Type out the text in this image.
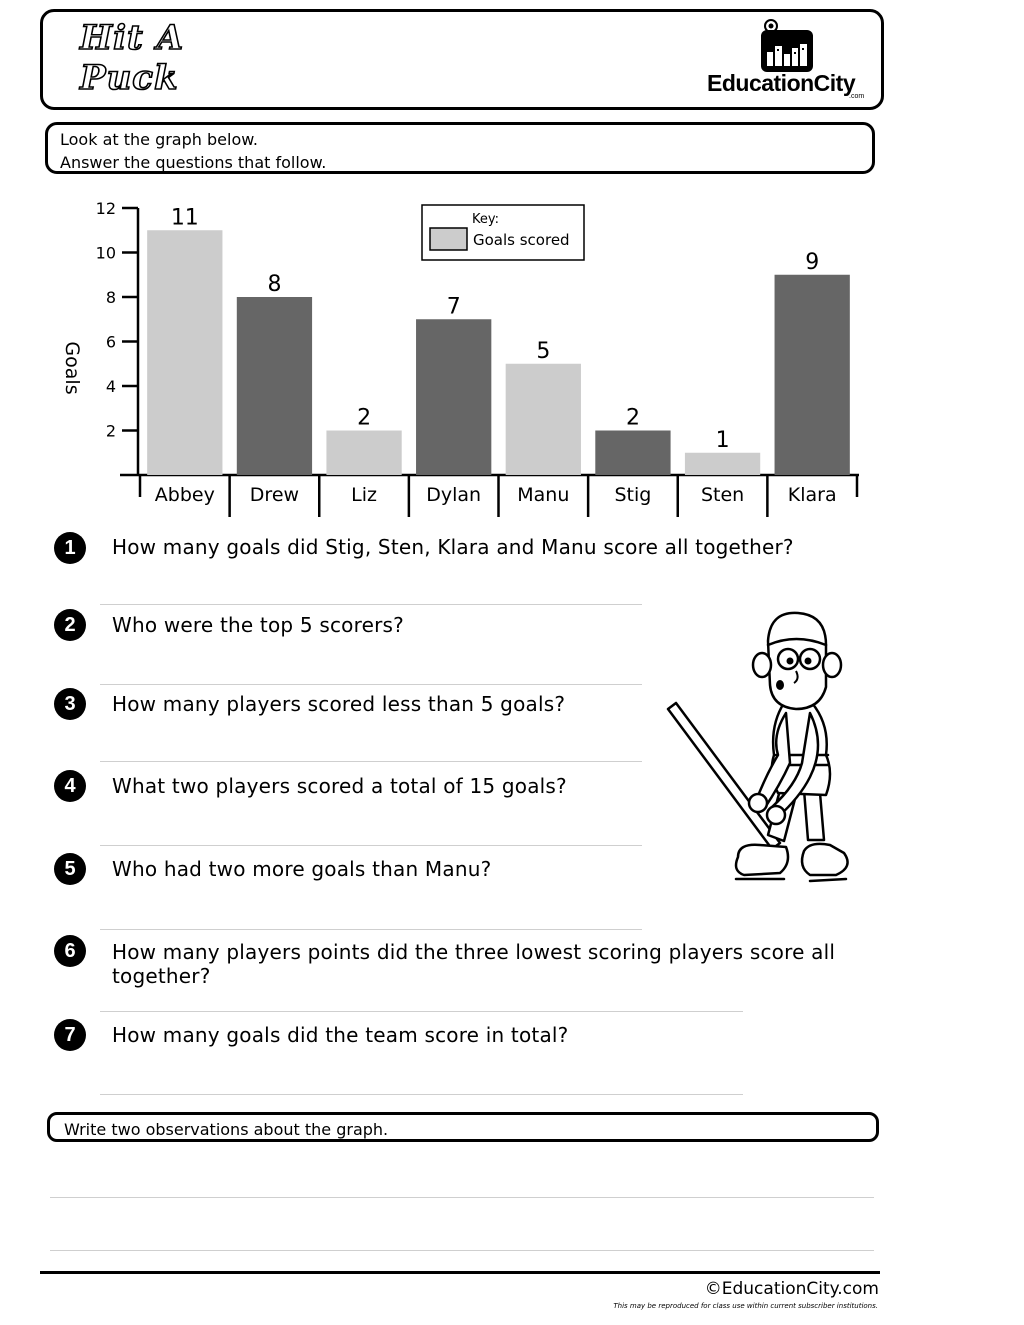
Hit A
Puck	EducationCity
.com
Look at the graph below.
Answer the questions that follow.
Goals
Key:
Goals scored
2
4
6
8
10
12 11
Abbey
8
Drew
2
Liz
7
Dylan
5
Manu
2
Stig
1
Sten
9
Klara
1	How many goals did Stig, Sten, Klara and Manu score all together?
2	Who were the top 5 scorers?
3	How many players scored less than 5 goals?
4	What two players scored a total of 15 goals?
5	Who had two more goals than Manu?
6	How many players points did the three lowest scoring players score all together?
7	How many goals did the team score in total?
Write two observations about the graph.
©EducationCity.com
This may be reproduced for class use within current subscriber institutions.
